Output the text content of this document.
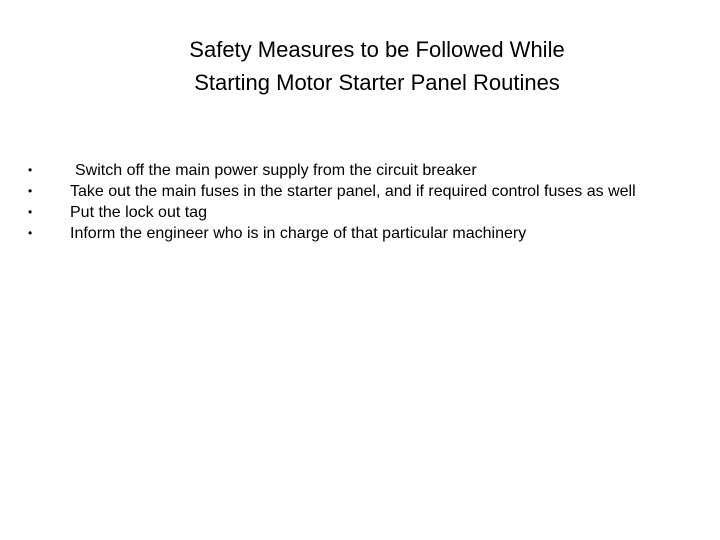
Safety Measures to be Followed While
Starting Motor Starter Panel Routines
•	Switch off the main power supply from the circuit breaker
•	Take out the main fuses in the starter panel, and if required control fuses as well
•	Put the lock out tag
•	Inform the engineer who is in charge of that particular machinery
